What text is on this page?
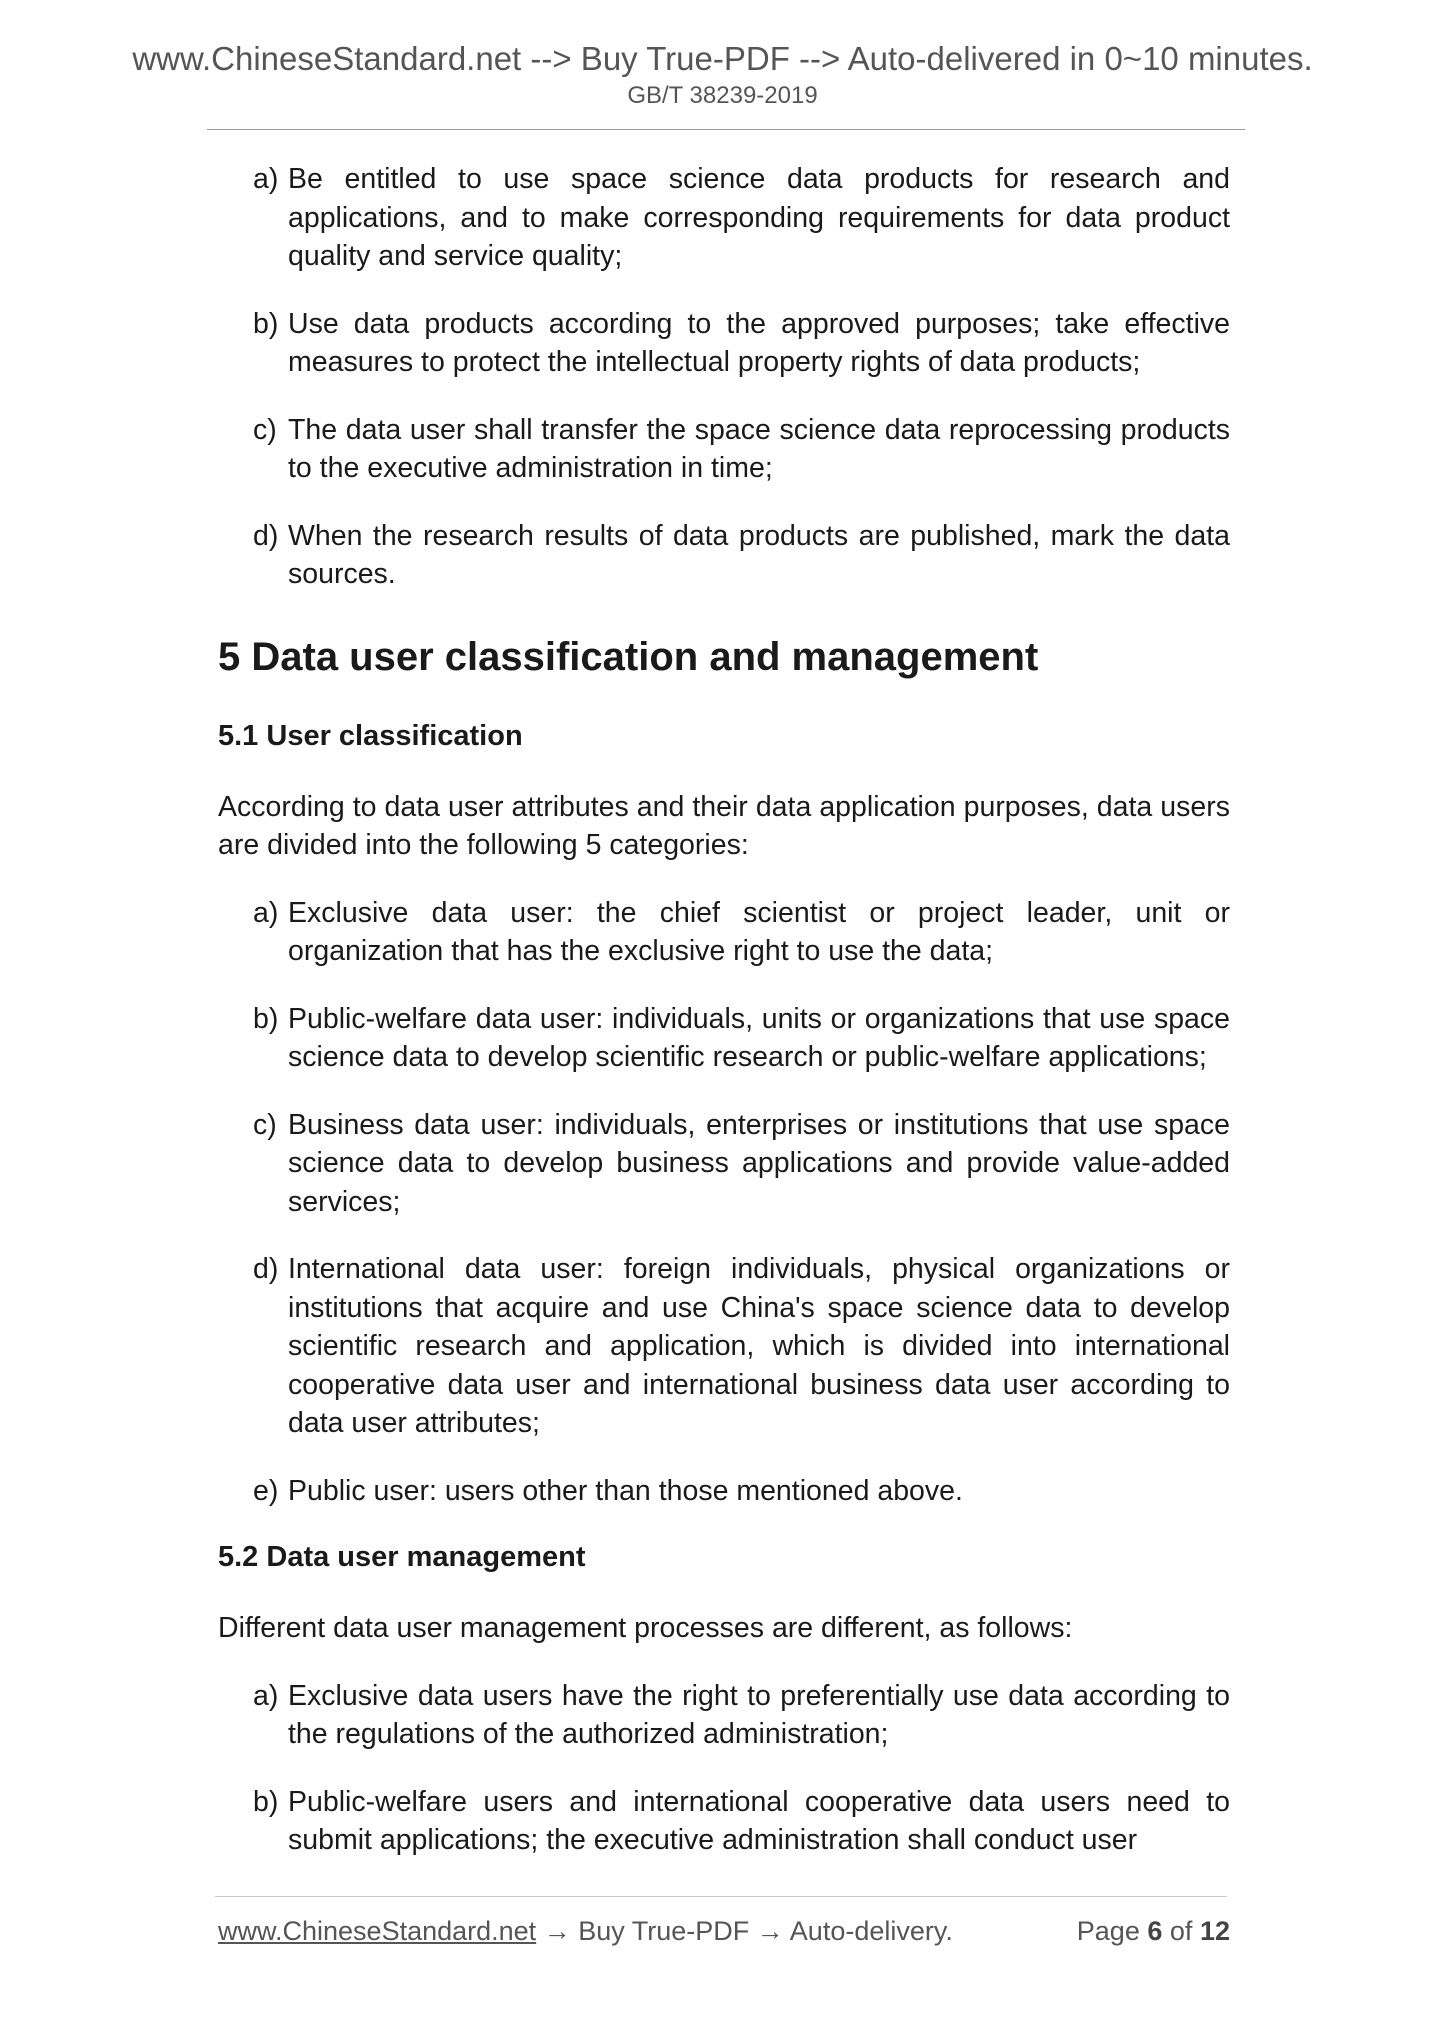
www.ChineseStandard.net --> Buy True-PDF --> Auto-delivered in 0~10 minutes.
GB/T 38239-2019
a) Be entitled to use space science data products for research and applications, and to make corresponding requirements for data product quality and service quality;
b) Use data products according to the approved purposes; take effective measures to protect the intellectual property rights of data products;
c) The data user shall transfer the space science data reprocessing products to the executive administration in time;
d) When the research results of data products are published, mark the data sources.
5 Data user classification and management
5.1 User classification
According to data user attributes and their data application purposes, data users are divided into the following 5 categories:
a) Exclusive data user: the chief scientist or project leader, unit or organization that has the exclusive right to use the data;
b) Public-welfare data user: individuals, units or organizations that use space science data to develop scientific research or public-welfare applications;
c) Business data user: individuals, enterprises or institutions that use space science data to develop business applications and provide value-added services;
d) International data user: foreign individuals, physical organizations or institutions that acquire and use China's space science data to develop scientific research and application, which is divided into international cooperative data user and international business data user according to data user attributes;
e) Public user: users other than those mentioned above.
5.2 Data user management
Different data user management processes are different, as follows:
a) Exclusive data users have the right to preferentially use data according to the regulations of the authorized administration;
b) Public-welfare users and international cooperative data users need to submit applications; the executive administration shall conduct user
www.ChineseStandard.net → Buy True-PDF → Auto-delivery.	Page 6 of 12
